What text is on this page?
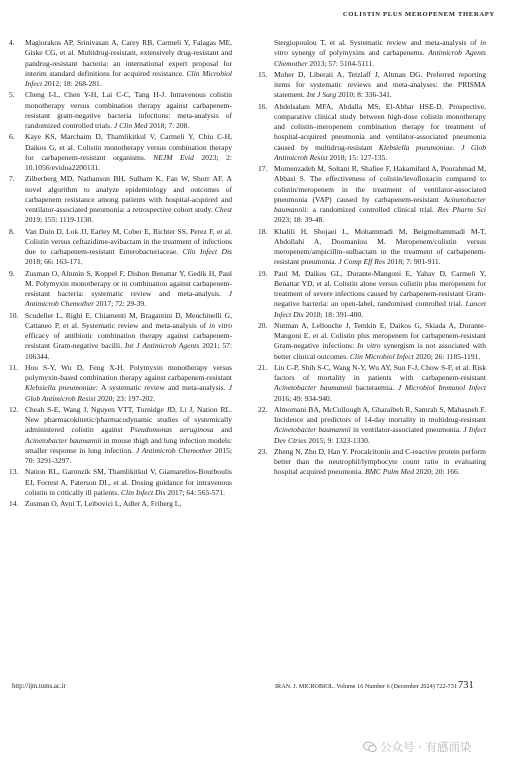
COLISTIN PLUS MEROPENEM THERAPY
4. Magiorakos AP, Srinivasan A, Carey RB, Carmeli Y, Falagas ME, Giske CG, et al. Multidrug-resistant, extensively drug-resistant and pandrug-resistant bacteria: an international expert proposal for interim standard definitions for acquired resistance. Clin Microbiol Infect 2012; 18: 268-281.
5. Cheng I-L, Chen Y-H, Lai C-C, Tang H-J. Intravenous colistin monotherapy versus combination therapy against carbapenem-resistant gram-negative bacteria infections: meta-analysis of randomized controlled trials. J Clin Med 2018; 7: 208.
6. Kaye KS, Marchaim D, Thamlikitkul V, Carmeli Y, Chiu C-H, Daikos G, et al. Colistin monotherapy versus combination therapy for carbapenem-resistant organisms. NEJM Evid 2023; 2: 10.1056/evidoa2200131.
7. Zilberberg MD, Nathanson BH, Sulham K, Fan W, Shorr AF. A novel algorithm to analyze epidemiology and outcomes of carbapenem resistance among patients with hospital-acquired and ventilator-associated pneumonia: a retrospective cohort study. Chest 2019; 155: 1119-1130.
8. Van Duin D, Lok JJ, Earley M, Cober E, Richter SS, Perez F, et al. Colistin versus ceftazidime-avibactam in the treatment of infections due to carbapenem-resistant Enterobacteriaceae. Clin Infect Dis 2018; 66: 163-171.
9. Zusman O, Altunin S, Koppel F, Dishon Benattar Y, Gedik H, Paul M. Polymyxin monotherapy or in combination against carbapenem-resistant bacteria: systematic review and meta-analysis. J Antimicrob Chemother 2017; 72: 29-39.
10. Scudeller L, Righi E, Chiamenti M, Bragantini D, Menchinelli G, Cattaneo P, et al. Systematic review and meta-analysis of in vitro efficacy of antibiotic combination therapy against carbapenem-resistant Gram-negative bacilli. Int J Antimicrob Agents 2021; 57: 106344.
11. Hou S-Y, Wu D, Feng X-H. Polymyxin monotherapy versus polymyxin-based combination therapy against carbapenem-resistant Klebsiella pneumoniae: A systematic review and meta-analysis. J Glob Antimicrob Resist 2020; 23: 197-202.
12. Cheah S-E, Wang J, Nguyen VTT, Turnidge JD, Li J, Nation RL. New pharmacokinetic/pharmacodynamic studies of systemically administered colistin against Pseudomonas aeruginosa and Acinetobacter baumannii in mouse thigh and lung infection models: smaller response in lung infection. J Antimicrob Chemother 2015; 70: 3291-3297.
13. Nation RL, Garonzik SM, Thamlikitkul V, Giamarellos-Bourboulis EJ, Forrest A, Paterson DL, et al. Dosing guidance for intravenous colistin in critically ill patients. Clin Infect Dis 2017; 64: 565-571.
14. Zusman O, Avni T, Leibovici L, Adler A, Friberg L,
Stergiopoulou T, et al. Systematic review and meta-analysis of in vitro synergy of polymyxins and carbapenems. Antimicrob Agents Chemother 2013; 57: 5104-5111.
15. Moher D, Liberati A, Tetzlaff J, Altman DG. Preferred reporting items for systematic reviews and meta-analyses: the PRISMA statement. Int J Surg 2010; 8: 336-341.
16. Abdelsalam MFA, Abdalla MS, El-Abhar HSE-D. Prospective, comparative clinical study between high-dose colistin monotherapy and colistin–meropenem combination therapy for treatment of hospital-acquired pneumonia and ventilator-associated pneumonia caused by multidrug-resistant Klebsiella pneumoniae. J Glob Antimicrob Resist 2018; 15: 127-135.
17. Momenzadeh M, Soltani R, Shafiee F, Hakamifard A, Pourahmad M, Abbasi S. The effectiveness of colistin/levofloxacin compared to colistin/meropenem in the treatment of ventilator-associated pneumonia (VAP) caused by carbapenem-resistant Acinetobacter baumannii: a randomized controlled clinical trial. Res Pharm Sci 2023; 18: 39-48.
18. Khalili H, Shojaei L, Mohammadi M, Beigmohammadi M-T, Abdollahi A, Doomanlou M. Meropenem/colistin versus meropenem/ampicillin–sulbactam in the treatment of carbapenem-resistant pneumonia. J Comp Eff Res 2018; 7: 901-911.
19. Paul M, Daikos GL, Durante-Mangoni E, Yahav D, Carmeli Y, Benattar YD, et al. Colistin alone versus colistin plus meropenem for treatment of severe infections caused by carbapenem-resistant Gram-negative bacteria: an open-label, randomised controlled trial. Lancet Infect Dis 2018; 18: 391-400.
20. Nutman A, Lellouche J, Temkin E, Daikos G, Skiada A, Durante-Mangoni E, et al. Colistin plus meropenem for carbapenem-resistant Gram-negative infections: In vitro synergism is not associated with better clinical outcomes. Clin Microbiol Infect 2020; 26: 1185-1191.
21. Liu C-P, Shih S-C, Wang N-Y, Wu AY, Sun F-J, Chow S-F, et al. Risk factors of mortality in patients with carbapenem-resistant Acinetobacter baumannii bacteraemia. J Microbiol Immunol Infect 2016; 49: 934-940.
22. Almomani BA, McCullough A, Gharaibeh R, Samrah S, Mahasneh F. Incidence and predictors of 14-day mortality in multidrug-resistant Acinetobacter baumannii in ventilator-associated pneumonia. J Infect Dev Ctries 2015; 9: 1323-1330.
23. Zheng N, Zhu D, Han Y. Procalcitonin and C-reactive protein perform better than the neutrophil/lymphocyte count ratio in evaluating hospital acquired pneumonia. BMC Pulm Med 2020; 20: 166.
http://ijm.tums.ac.ir	IRAN. J. MICROBIOL. Volume 16 Number 6 (December 2024) 722-731 731
公众号 · 有感而染
